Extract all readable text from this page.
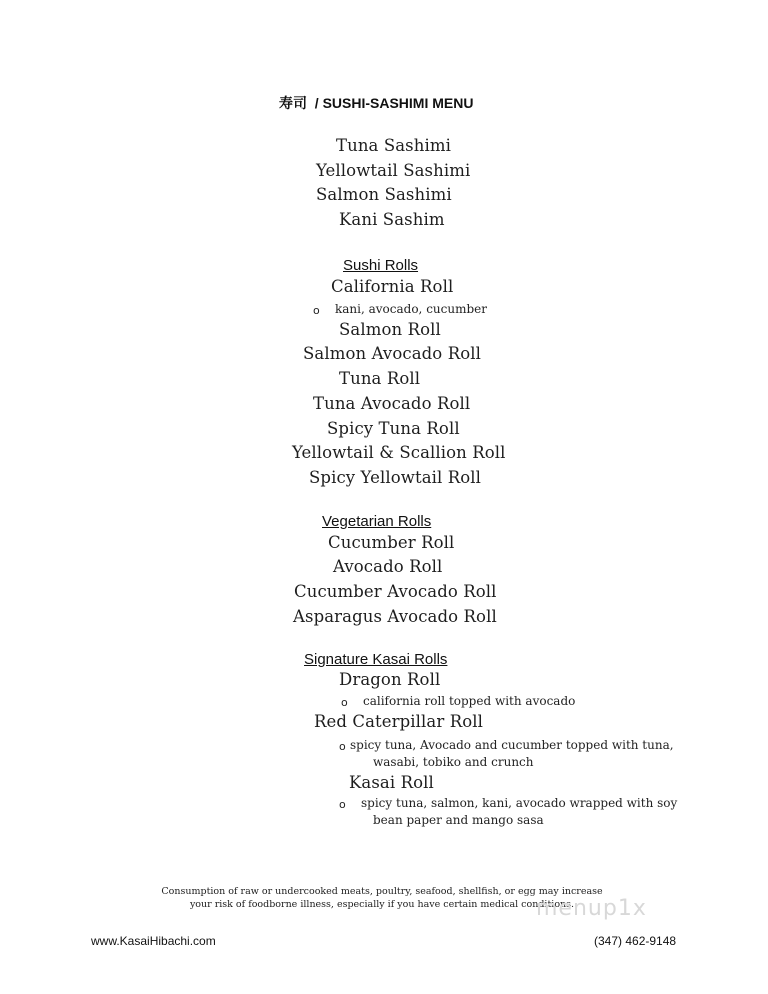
寿司 / SUSHI-SASHIMI MENU
Tuna Sashimi
Yellowtail Sashimi
Salmon Sashimi
Kani Sashim
Sushi Rolls
California Roll
o kani, avocado, cucumber
Salmon Roll
Salmon Avocado Roll
Tuna Roll
Tuna Avocado Roll
Spicy Tuna Roll
Yellowtail & Scallion Roll
Spicy Yellowtail Roll
Vegetarian Rolls
Cucumber Roll
Avocado Roll
Cucumber Avocado Roll
Asparagus Avocado Roll
Signature Kasai Rolls
Dragon Roll
o california roll topped with avocado
Red Caterpillar Roll
o spicy tuna, Avocado and cucumber topped with tuna,
wasabi, tobiko and crunch
Kasai Roll
o spicy tuna, salmon, kani, avocado wrapped with soy
bean paper and mango sasa
Consumption of raw or undercooked meats, poultry, seafood, shellfish, or egg may increase
your risk of foodborne illness, especially if you have certain medical conditions.
menup1x
www.KasaiHibachi.com	(347) 462-9148
